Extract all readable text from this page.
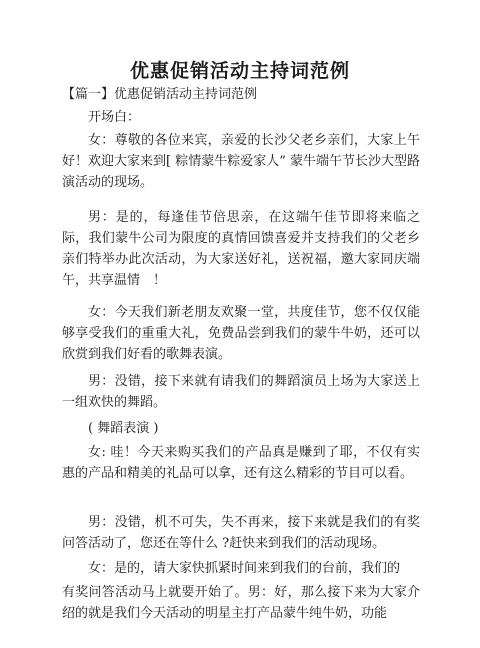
优惠促销活动主持词范例

【篇一】优惠促销活动主持词范例

开场白：

女：尊敬的各位来宾，亲爱的长沙父老乡亲们，大家上午好！欢迎大家来到[ 粽情蒙牛粽爱家人” 蒙牛端午节长沙大型路演活动的现场。

男：是的，每逢佳节倍思亲，在这端午佳节即将来临之际，我们蒙牛公司为限度的真情回馈喜爱并支持我们的父老乡亲们特举办此次活动，为大家送好礼，送祝福，邀大家同庆端午，共享温情　！

女：今天我们新老朋友欢聚一堂，共度佳节，您不仅仅能够享受我们的重重大礼，免费品尝到我们的蒙牛牛奶，还可以欣赏到我们好看的歌舞表演。

男：没错，接下来就有请我们的舞蹈演员上场为大家送上一组欢快的舞蹈。

( 舞蹈表演 )

女: 哇！今天来购买我们的产品真是赚到了耶，不仅有实惠的产品和精美的礼品可以拿，还有这么精彩的节目可以看。

男：没错，机不可失，失不再来，接下来就是我们的有奖问答活动了，您还在等什么 ?赶快来到我们的活动现场。

女：是的，请大家快抓紧时间来到我们的台前，我们的

有奖问答活动马上就要开始了。男：好，那么接下来为大家介绍的就是我们今天活动的明星主打产品蒙牛纯牛奶，功能
